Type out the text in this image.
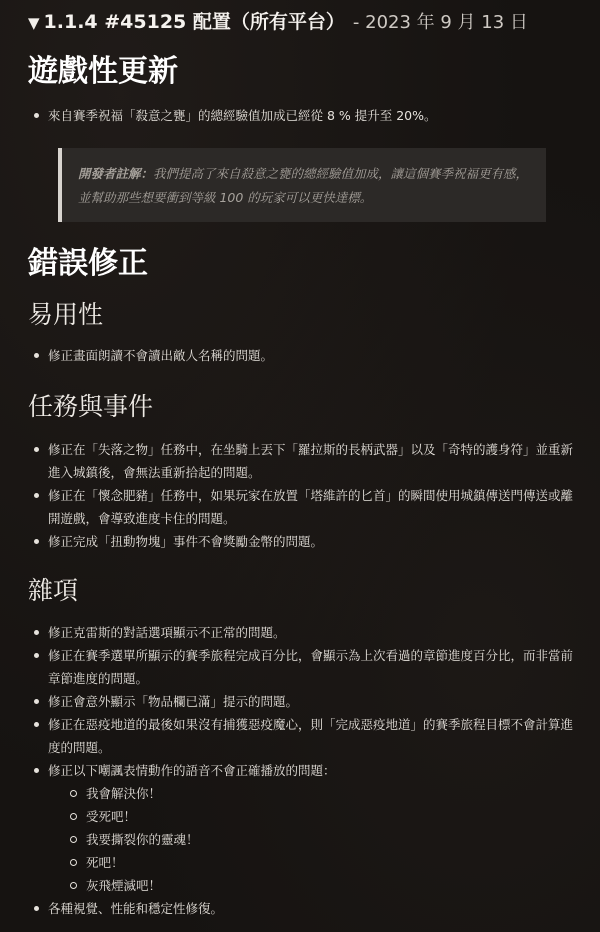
▼ 1.1.4 #45125 配置（所有平台） - 2023 年 9 月 13 日
遊戲性更新
來自賽季祝福「殺意之甕」的總經驗值加成已經從 8 % 提升至 20%。
開發者註解：我們提高了來自殺意之甕的總經驗值加成，讓這個賽季祝福更有感，並幫助那些想要衝到等級 100 的玩家可以更快達標。
錯誤修正
易用性
修正畫面朗讀不會讀出敵人名稱的問題。
任務與事件
修正在「失落之物」任務中，在坐騎上丟下「羅拉斯的長柄武器」以及「奇特的護身符」並重新進入城鎮後，會無法重新拾起的問題。
修正在「懷念肥豬」任務中，如果玩家在放置「塔維許的匕首」的瞬間使用城鎮傳送門傳送或離開遊戲，會導致進度卡住的問題。
修正完成「扭動物塊」事件不會獎勵金幣的問題。
雜項
修正克雷斯的對話選項顯示不正常的問題。
修正在賽季選單所顯示的賽季旅程完成百分比，會顯示為上次看過的章節進度百分比，而非當前章節進度的問題。
修正會意外顯示「物品欄已滿」提示的問題。
修正在惡疫地道的最後如果沒有捕獲惡疫魔心，則「完成惡疫地道」的賽季旅程目標不會計算進度的問題。
修正以下嘲諷表情動作的語音不會正確播放的問題：
我會解決你！
受死吧！
我要撕裂你的靈魂！
死吧！
灰飛煙滅吧！
各種視覺、性能和穩定性修復。
